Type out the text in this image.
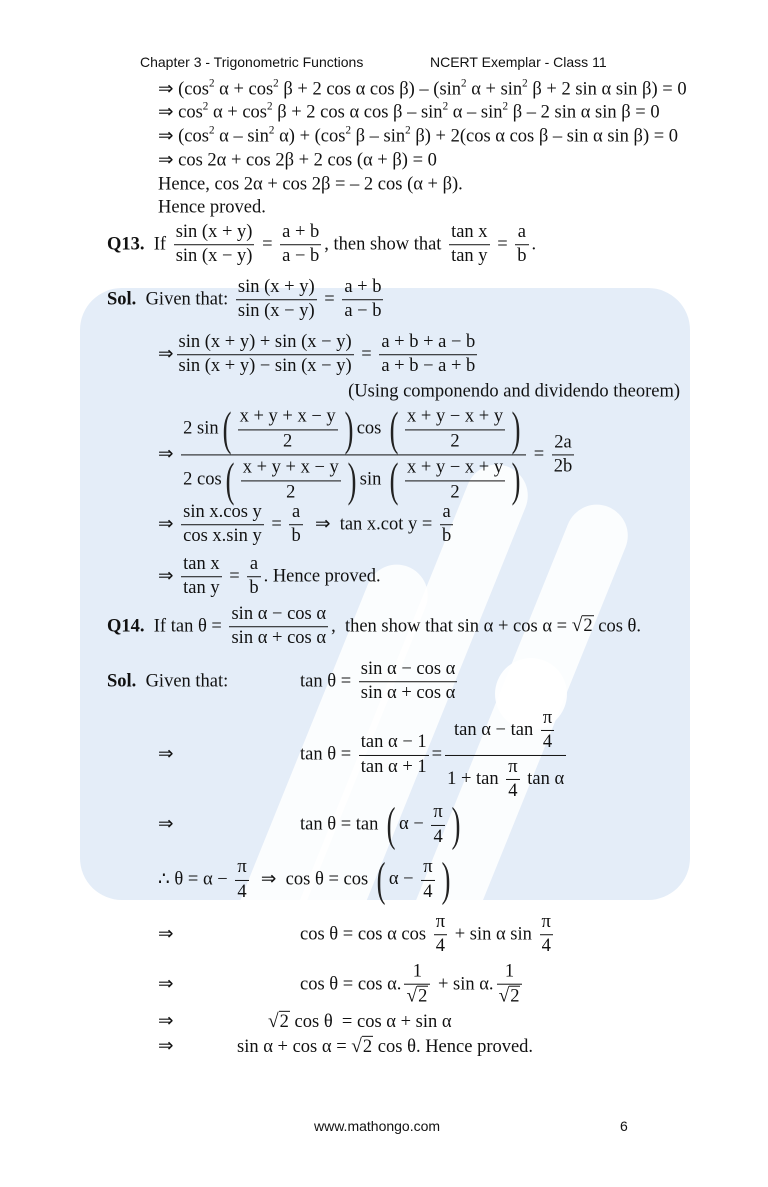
Chapter 3 - Trigonometric Functions	NCERT Exemplar - Class 11
⇒ ($\cos^2$ $\alpha + \cos^2 \beta + 2$ cos α $\cos \beta) - (\sin^2$ $\alpha + \sin^2 \beta + 2$ sin α sin β) = 0
⇒ $\cos^2 \alpha + \cos^2 \beta + 2$ cos α cos β – $\sin^2 \alpha - \sin^2 \beta - 2$ sin α sin β = 0
⇒ ($\cos^2$ $\alpha - \sin^2 \alpha) + (\cos^2$ $\beta - \sin^2 \beta) + 2(\cos$ α cos β – sin α sin β) = 0
⇒ cos 2α + cos 2β + 2 cos (α + β) = 0
Hence, cos 2α + cos 2β = – 2 cos (α + β).
Hence proved.
Q13.  If $\frac{\sin (x + y)}{\sin (x - y)} = \frac{a + b}{a - b}$ , then show that $\frac{\text{tan x}}{\text{tan y}} = \frac{a}{b}$ .
Sol.  Given that: $\frac{\sin (x + y)}{\sin (x - y)} = \frac{a + b}{a - b}$
⇒ $\frac{\sin (x + y) + \sin (x - y)}{\sin (x + y) - \sin (x - y)} = \frac{a + b + a - b}{a + b - a + b}$
(Using componendo and dividendo theorem)
⇒ 2 sin ( $\frac{x + y + x - y}{2}$
) cos ( $\frac{x + y - x + y}{2}$
)
2 cos ( $\frac{x + y + x - y}{2}$
) sin ( $\frac{x + y - x + y}{2}$
) = $\frac{2a}{2b}$
⇒ $\frac{\text{sin x.cos y}}{\text{cos x.sin y}} = \frac{a}{b}$ ⇒  tan x.cot $y = \frac{a}{b}$
⇒ $\frac{\text{tan x}}{\text{tan y}} = \frac{a}{b}$ . Hence proved.
Q14.  If $\tan \theta = \frac{\text{sin α − cos α}}{\text{sin α + cos α}}$ ,  then show that sin α + cos α = √ 2 cos θ.
Sol.  Given that:	$\tan \theta = \frac{\text{sin α − cos α}}{\text{sin α + cos α}}$
⇒	$\tan \theta = \frac{\text{tan α − 1}}{\text{tan α + 1}} = \frac{\tan \alpha - \tan \frac{\pi}{4}}{1 + \tan \frac{\pi}{4} \tan \alpha}$
⇒	tan θ = tan ( $\alpha - \frac{\pi}{4}$
)
∴ $\theta = \alpha - \frac{\pi}{4}$ ⇒  cos θ = cos ( $\alpha - \frac{\pi}{4}$
)
⇒	cos θ = cos α $\cos \frac{\pi}{4} + \sin \alpha$ $\sin \frac{\pi}{4}$
⇒	cos θ = cos α. 1
√ 2 + sin α. 1
√ 2
⇒	√ 2 cos θ  = cos α + sin α
⇒	sin α + cos α = √ 2 cos θ. Hence proved.
www.mathongo.com	6
